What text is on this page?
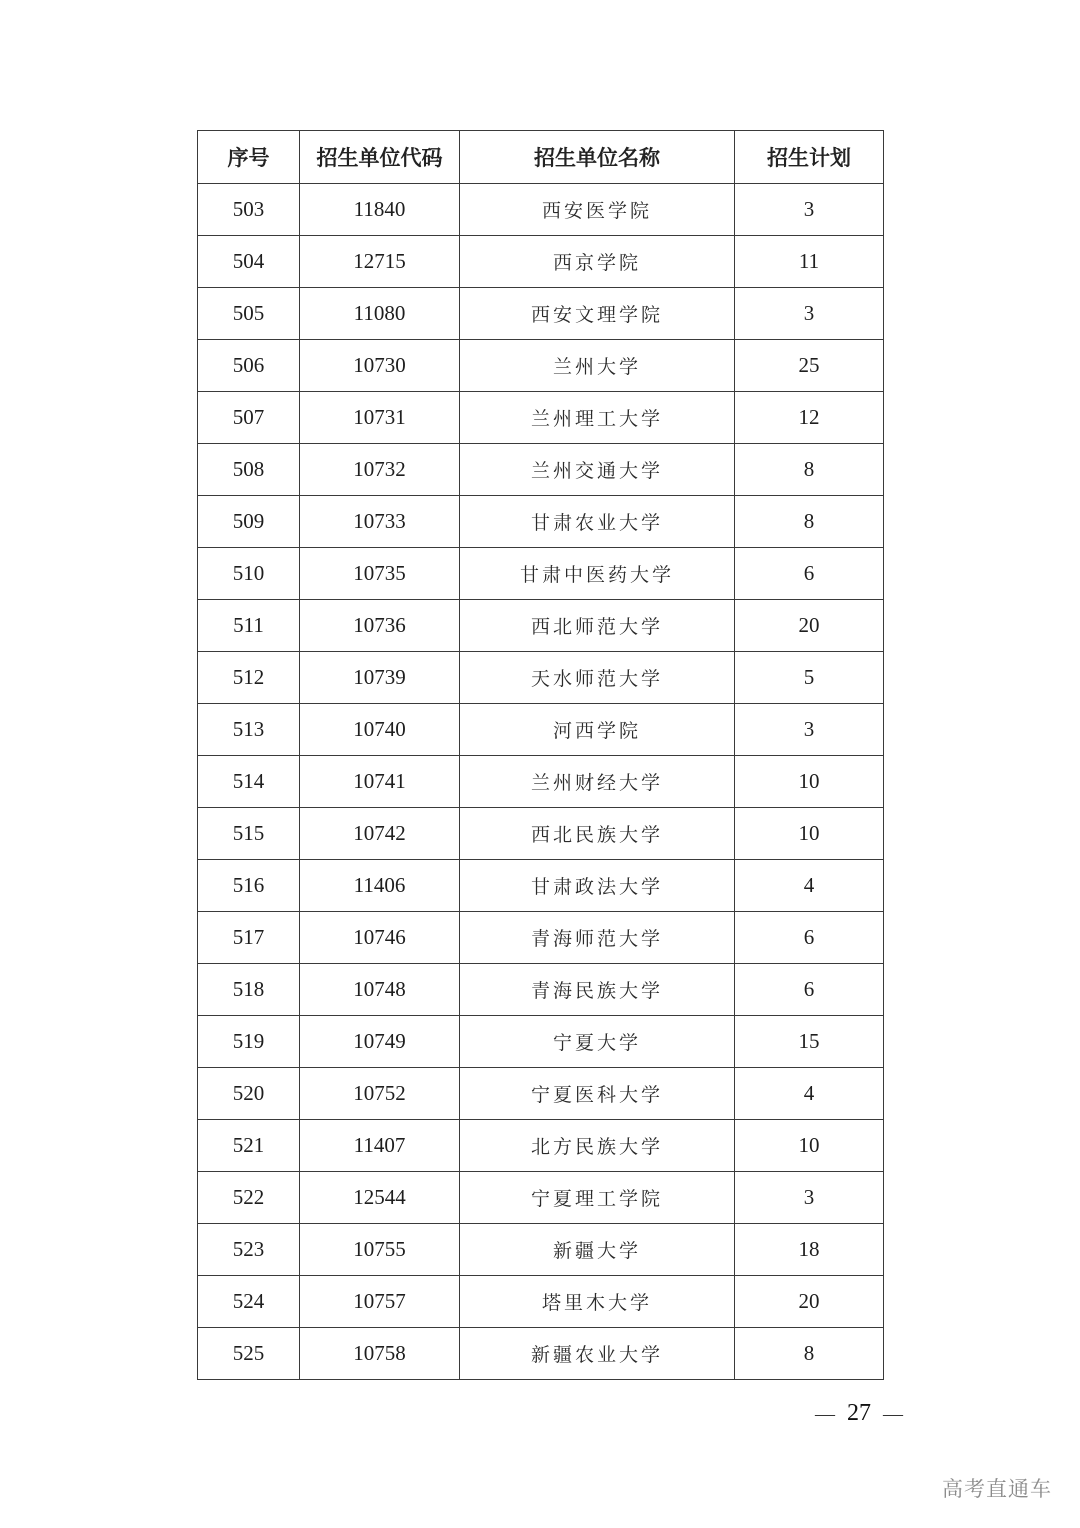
序号	招生单位代码	招生单位名称	招生计划
503	11840	西安医学院	3
504	12715	西京学院	11
505	11080	西安文理学院	3
506	10730	兰州大学	25
507	10731	兰州理工大学	12
508	10732	兰州交通大学	8
509	10733	甘肃农业大学	8
510	10735	甘肃中医药大学	6
511	10736	西北师范大学	20
512	10739	天水师范大学	5
513	10740	河西学院	3
514	10741	兰州财经大学	10
515	10742	西北民族大学	10
516	11406	甘肃政法大学	4
517	10746	青海师范大学	6
518	10748	青海民族大学	6
519	10749	宁夏大学	15
520	10752	宁夏医科大学	4
521	11407	北方民族大学	10
522	12544	宁夏理工学院	3
523	10755	新疆大学	18
524	10757	塔里木大学	20
525	10758	新疆农业大学	8
— 27 —
高考直通车
